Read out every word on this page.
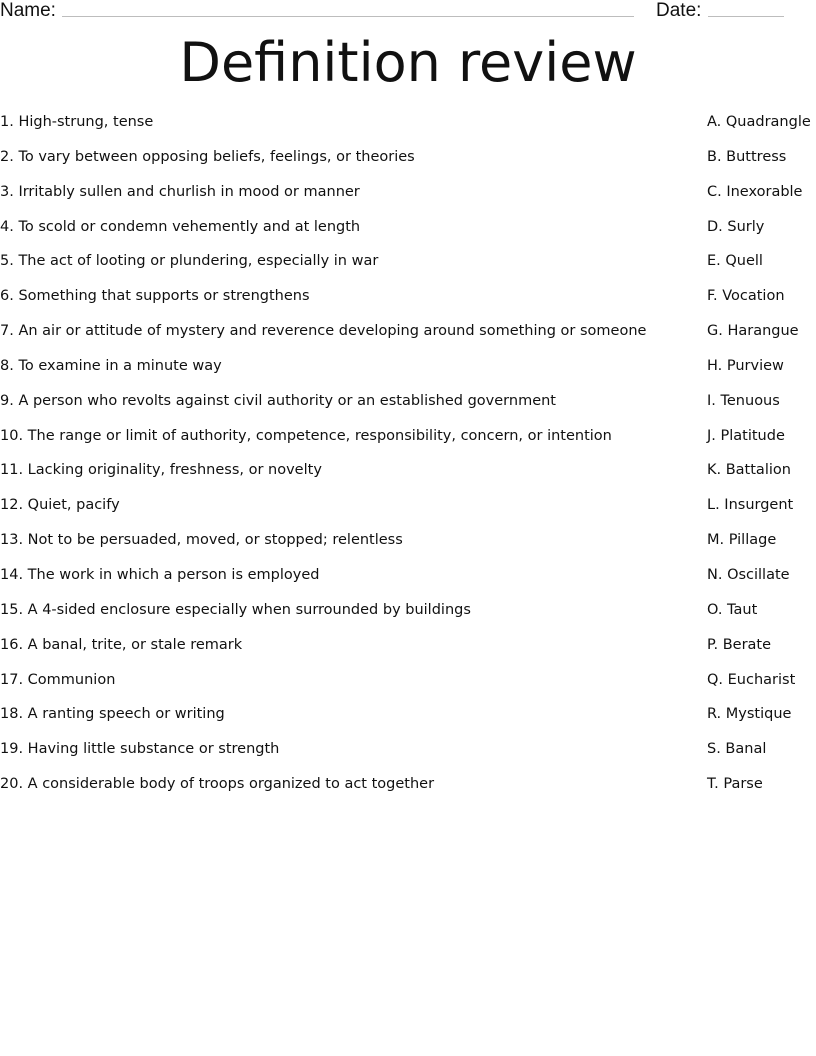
Name:	Date:
Definition review
1. High-strung, tense
2. To vary between opposing beliefs, feelings, or theories
3. Irritably sullen and churlish in mood or manner
4. To scold or condemn vehemently and at length
5. The act of looting or plundering, especially in war
6. Something that supports or strengthens
7. An air or attitude of mystery and reverence developing around something or someone
8. To examine in a minute way
9. A person who revolts against civil authority or an established government
10. The range or limit of authority, competence, responsibility, concern, or intention
11. Lacking originality, freshness, or novelty
12. Quiet, pacify
13. Not to be persuaded, moved, or stopped; relentless
14. The work in which a person is employed
15. A 4-sided enclosure especially when surrounded by buildings
16. A banal, trite, or stale remark
17. Communion
18. A ranting speech or writing
19. Having little substance or strength
20. A considerable body of troops organized to act together
A. Quadrangle
B. Buttress
C. Inexorable
D. Surly
E. Quell
F. Vocation
G. Harangue
H. Purview
I. Tenuous
J. Platitude
K. Battalion
L. Insurgent
M. Pillage
N. Oscillate
O. Taut
P. Berate
Q. Eucharist
R. Mystique
S. Banal
T. Parse
